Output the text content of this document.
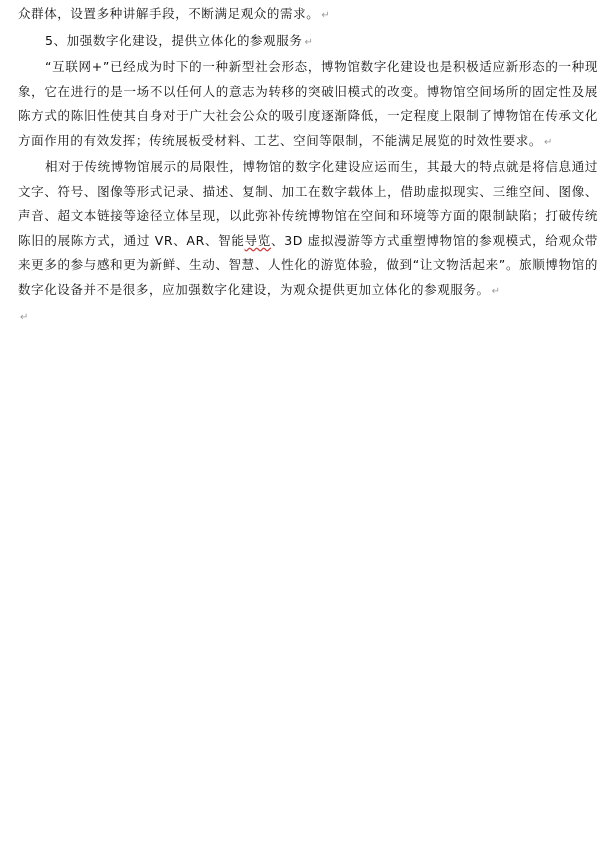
众群体，设置多种讲解手段，不断满足观众的需求。 ↵

5、加强数字化建设，提供立体化的参观服务 ↵

“互联网+”已经成为时下的一种新型社会形态，博物馆数字化建设也是积极适应新形态的一种现象，它在进行的是一场不以任何人的意志为转移的突破旧模式的改变。博物馆空间场所的固定性及展陈方式的陈旧性使其自身对于广大社会公众的吸引度逐渐降低，一定程度上限制了博物馆在传承文化方面作用的有效发挥；传统展板受材料、工艺、空间等限制，不能满足展览的时效性要求。 ↵

相对于传统博物馆展示的局限性，博物馆的数字化建设应运而生，其最大的特点就是将信息通过文字、符号、图像等形式记录、描述、复制、加工在数字载体上，借助虚拟现实、三维空间、图像、声音、超文本链接等途径立体呈现，以此弥补传统博物馆在空间和环境等方面的限制缺陷；打破传统陈旧的展陈方式，通过 VR、AR、智能导览、3D 虚拟漫游等方式重塑博物馆的参观模式，给观众带来更多的参与感和更为新鲜、生动、智慧、人性化的游览体验，做到“让文物活起来”。旅顺博物馆的数字化设备并不是很多，应加强数字化建设，为观众提供更加立体化的参观服务。 ↵

↵
